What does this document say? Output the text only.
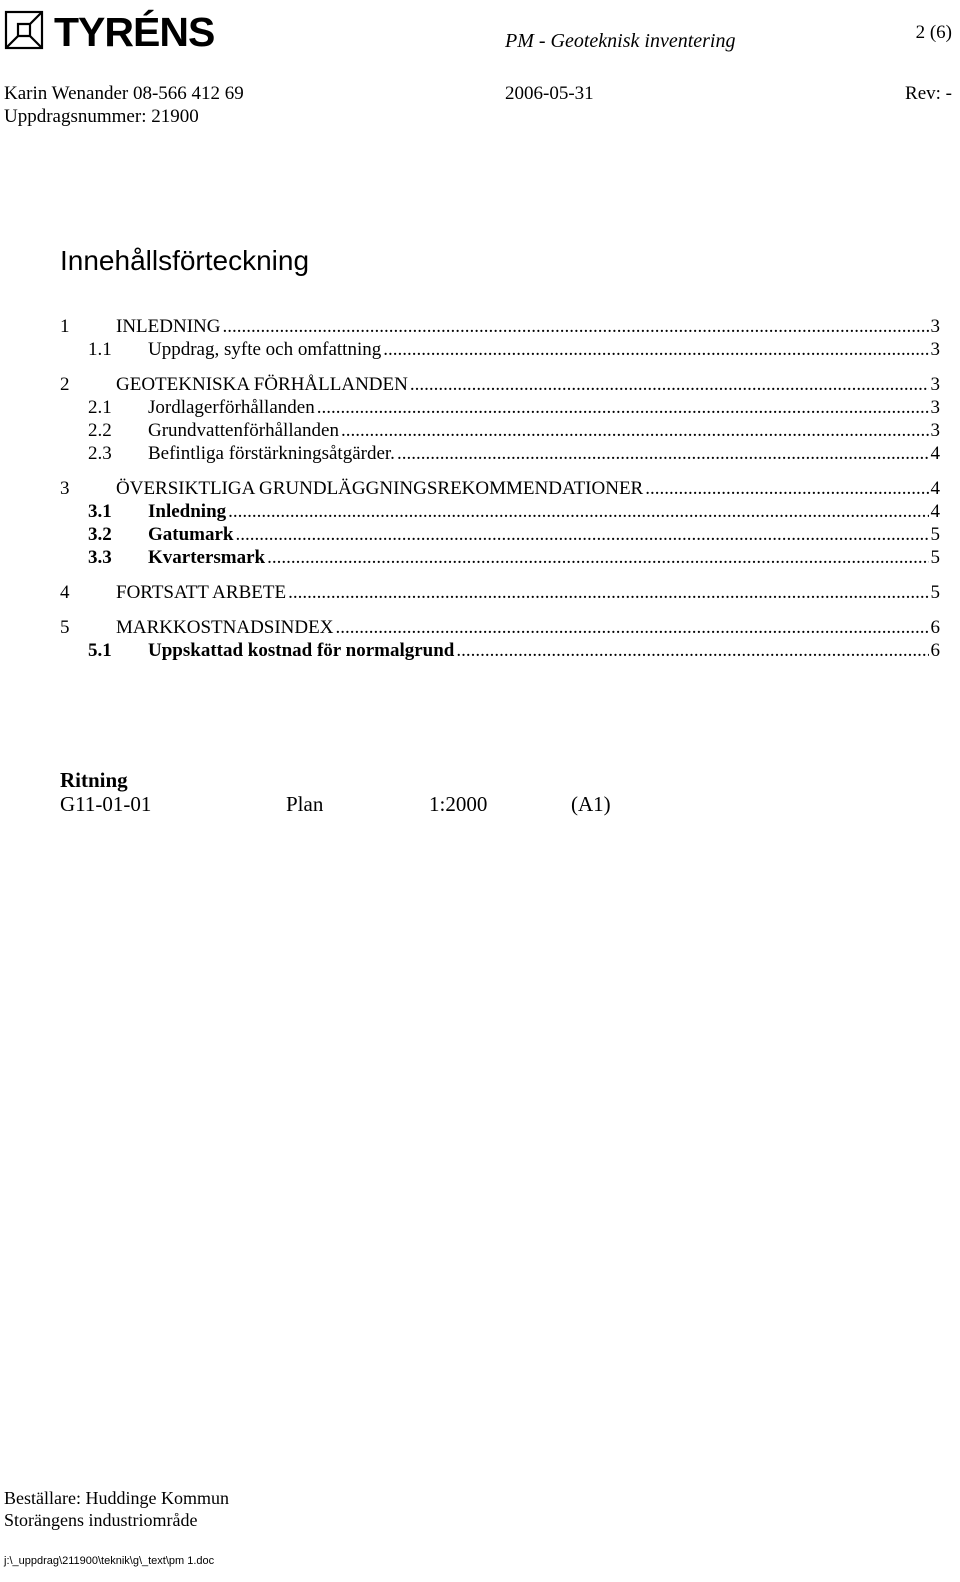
TYRÉNS	PM - Geoteknisk inventering	2 (6)
Karin Wenander 08-566 412 69	2006-05-31	Rev: -
Uppdragsnummer: 21900
Innehållsförteckning
1	INLEDNING .....	3
1.1	Uppdrag, syfte och omfattning .....	3
2	GEOTEKNISKA FÖRHÅLLANDEN .....	3
2.1	Jordlagerförhållanden .....	3
2.2	Grundvattenförhållanden .....	3
2.3	Befintliga förstärkningsåtgärder. .....	4
3	ÖVERSIKTLIGA GRUNDLÄGGNINGSREKOMMENDATIONER .....	4
3.1	Inledning .....	4
3.2	Gatumark .....	5
3.3	Kvartersmark .....	5
4	FORTSATT ARBETE .....	5
5	MARKKOSTNADSINDEX .....	6
5.1	Uppskattad kostnad för normalgrund .....	6
Ritning
G11-01-01	Plan	1:2000	(A1)
Beställare: Huddinge Kommun
Storängens industriområde
j:\_uppdrag\211900\teknik\g\_text\pm 1.doc
